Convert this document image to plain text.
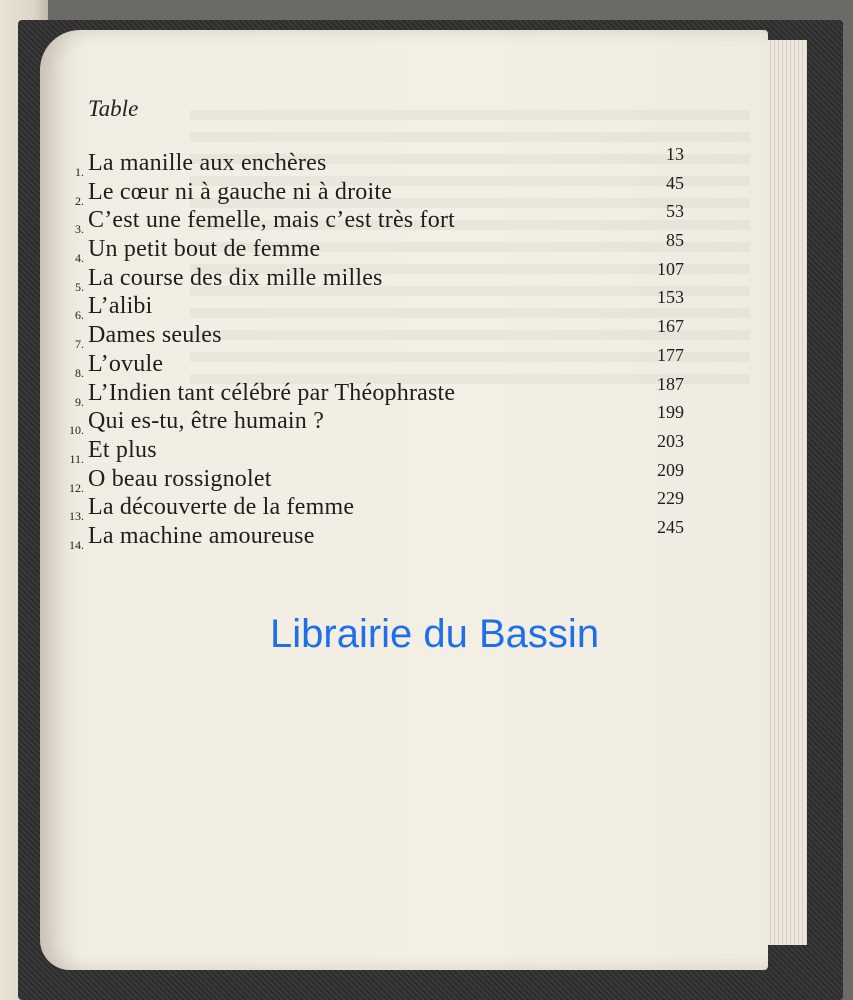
Table
1. La manille aux enchères	13
2. Le cœur ni à gauche ni à droite	45
3. C’est une femelle, mais c’est très fort	53
4. Un petit bout de femme	85
5. La course des dix mille milles	107
6. L’alibi	153
7. Dames seules	167
8. L’ovule	177
9. L’Indien tant célébré par Théophraste	187
10. Qui es-tu, être humain ?	199
11. Et plus	203
12. O beau rossignolet	209
13. La découverte de la femme	229
14. La machine amoureuse	245
Librairie du Bassin
